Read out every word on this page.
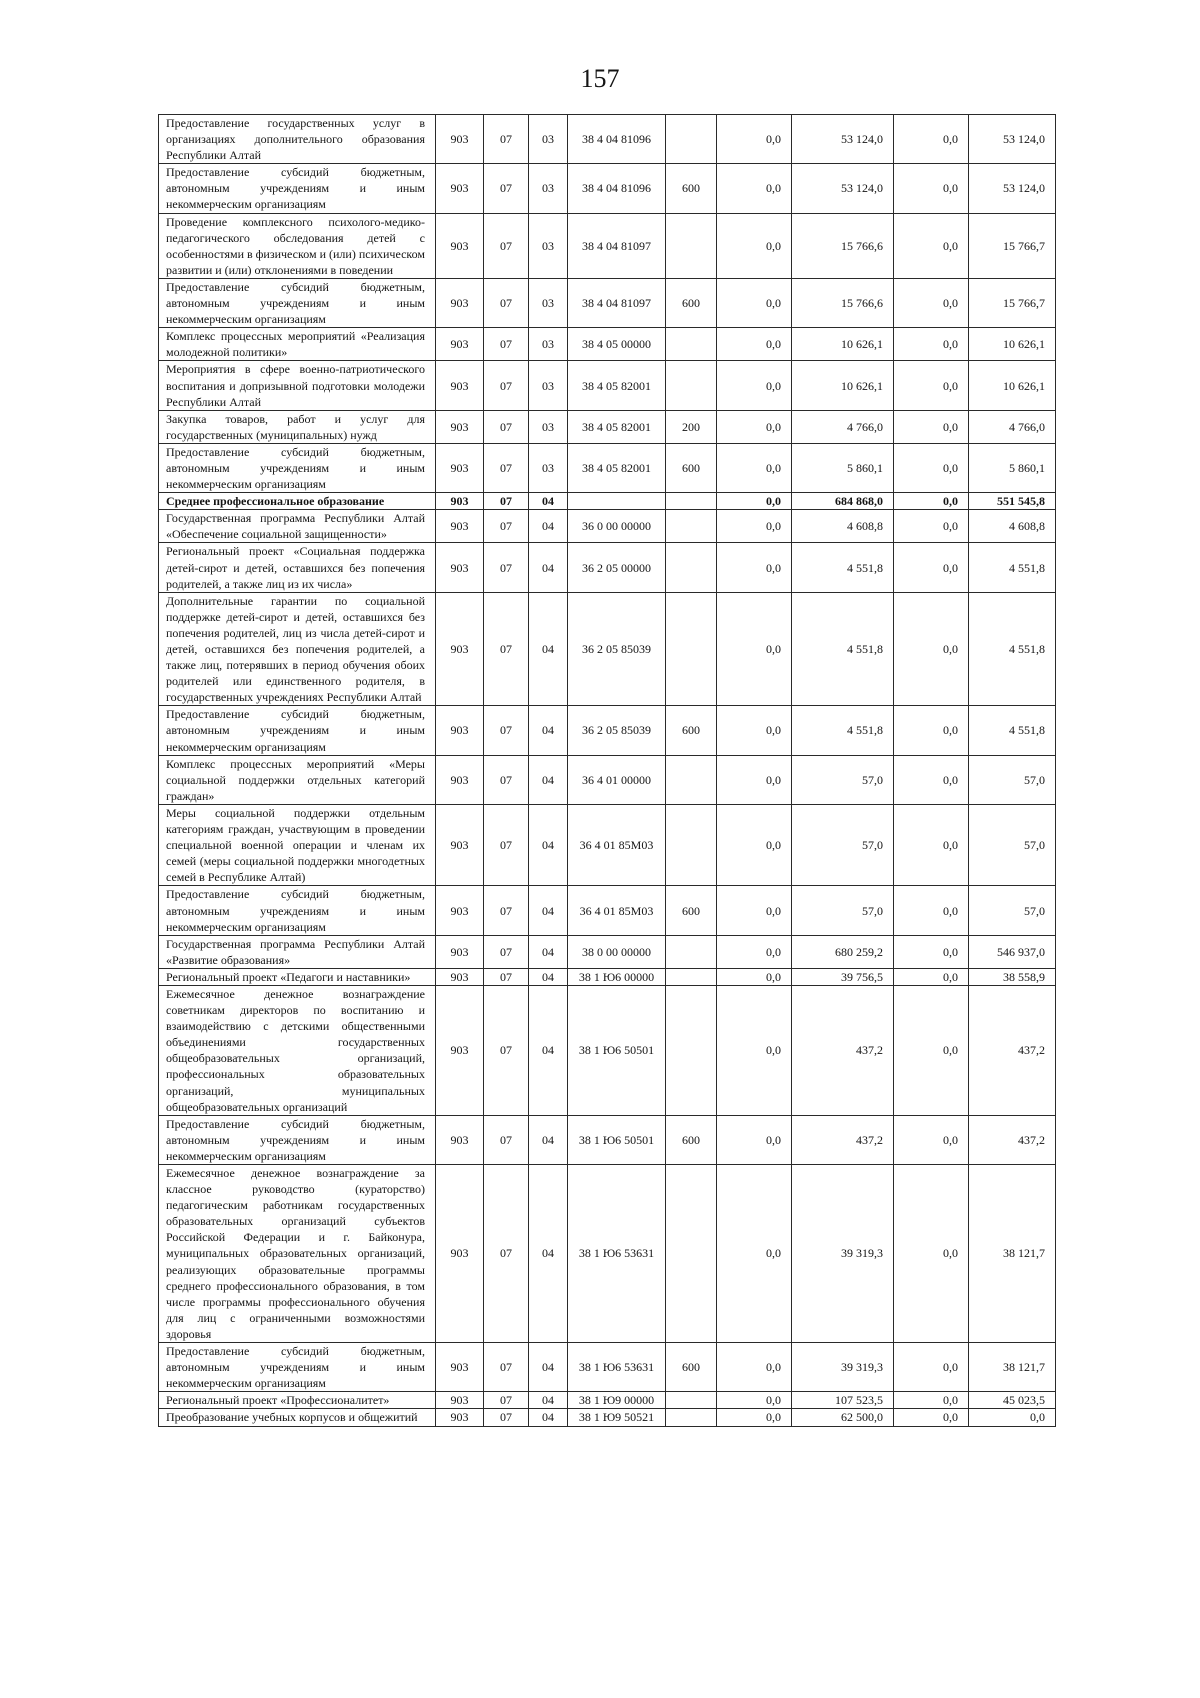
157
Предоставление государственных услуг в организациях дополнительного образования Республики Алтай	903	07	03	38 4 04 81096		0,0	53 124,0	0,0	53 124,0
Предоставление субсидий бюджетным, автономным учреждениям и иным некоммерческим организациям	903	07	03	38 4 04 81096	600	0,0	53 124,0	0,0	53 124,0
Проведение комплексного психолого-медико-педагогического обследования детей с особенностями в физическом и (или) психическом развитии и (или) отклонениями в поведении	903	07	03	38 4 04 81097		0,0	15 766,6	0,0	15 766,7
Предоставление субсидий бюджетным, автономным учреждениям и иным некоммерческим организациям	903	07	03	38 4 04 81097	600	0,0	15 766,6	0,0	15 766,7
Комплекс процессных мероприятий «Реализация молодежной политики»	903	07	03	38 4 05 00000		0,0	10 626,1	0,0	10 626,1
Мероприятия в сфере военно-патриотического воспитания и допризывной подготовки молодежи Республики Алтай	903	07	03	38 4 05 82001		0,0	10 626,1	0,0	10 626,1
Закупка товаров, работ и услуг для государственных (муниципальных) нужд	903	07	03	38 4 05 82001	200	0,0	4 766,0	0,0	4 766,0
Предоставление субсидий бюджетным, автономным учреждениям и иным некоммерческим организациям	903	07	03	38 4 05 82001	600	0,0	5 860,1	0,0	5 860,1
Среднее профессиональное образование	903	07	04			0,0	684 868,0	0,0	551 545,8
Государственная программа Республики Алтай «Обеспечение социальной защищенности»	903	07	04	36 0 00 00000		0,0	4 608,8	0,0	4 608,8
Региональный проект «Социальная поддержка детей-сирот и детей, оставшихся без попечения родителей, а также лиц из их числа»	903	07	04	36 2 05 00000		0,0	4 551,8	0,0	4 551,8
Дополнительные гарантии по социальной поддержке детей-сирот и детей, оставшихся без попечения родителей, лиц из числа детей-сирот и детей, оставшихся без попечения родителей, а также лиц, потерявших в период обучения обоих родителей или единственного родителя, в государственных учреждениях Республики Алтай	903	07	04	36 2 05 85039		0,0	4 551,8	0,0	4 551,8
Предоставление субсидий бюджетным, автономным учреждениям и иным некоммерческим организациям	903	07	04	36 2 05 85039	600	0,0	4 551,8	0,0	4 551,8
Комплекс процессных мероприятий «Меры социальной поддержки отдельных категорий граждан»	903	07	04	36 4 01 00000		0,0	57,0	0,0	57,0
Меры социальной поддержки отдельным категориям граждан, участвующим в проведении специальной военной операции и членам их семей (меры социальной поддержки многодетных семей в Республике Алтай)	903	07	04	36 4 01 85М03		0,0	57,0	0,0	57,0
Предоставление субсидий бюджетным, автономным учреждениям и иным некоммерческим организациям	903	07	04	36 4 01 85М03	600	0,0	57,0	0,0	57,0
Государственная программа Республики Алтай «Развитие образования»	903	07	04	38 0 00 00000		0,0	680 259,2	0,0	546 937,0
Региональный проект «Педагоги и наставники»	903	07	04	38 1 Ю6 00000		0,0	39 756,5	0,0	38 558,9
Ежемесячное денежное вознаграждение советникам директоров по воспитанию и взаимодействию с детскими общественными объединениями государственных общеобразовательных организаций, профессиональных образовательных организаций, муниципальных общеобразовательных организаций	903	07	04	38 1 Ю6 50501		0,0	437,2	0,0	437,2
Предоставление субсидий бюджетным, автономным учреждениям и иным некоммерческим организациям	903	07	04	38 1 Ю6 50501	600	0,0	437,2	0,0	437,2
Ежемесячное денежное вознаграждение за классное руководство (кураторство) педагогическим работникам государственных образовательных организаций субъектов Российской Федерации и г. Байконура, муниципальных образовательных организаций, реализующих образовательные программы среднего профессионального образования, в том числе программы профессионального обучения для лиц с ограниченными возможностями здоровья	903	07	04	38 1 Ю6 53631		0,0	39 319,3	0,0	38 121,7
Предоставление субсидий бюджетным, автономным учреждениям и иным некоммерческим организациям	903	07	04	38 1 Ю6 53631	600	0,0	39 319,3	0,0	38 121,7
Региональный проект «Профессионалитет»	903	07	04	38 1 Ю9 00000		0,0	107 523,5	0,0	45 023,5
Преобразование учебных корпусов и общежитий	903	07	04	38 1 Ю9 50521		0,0	62 500,0	0,0	0,0
